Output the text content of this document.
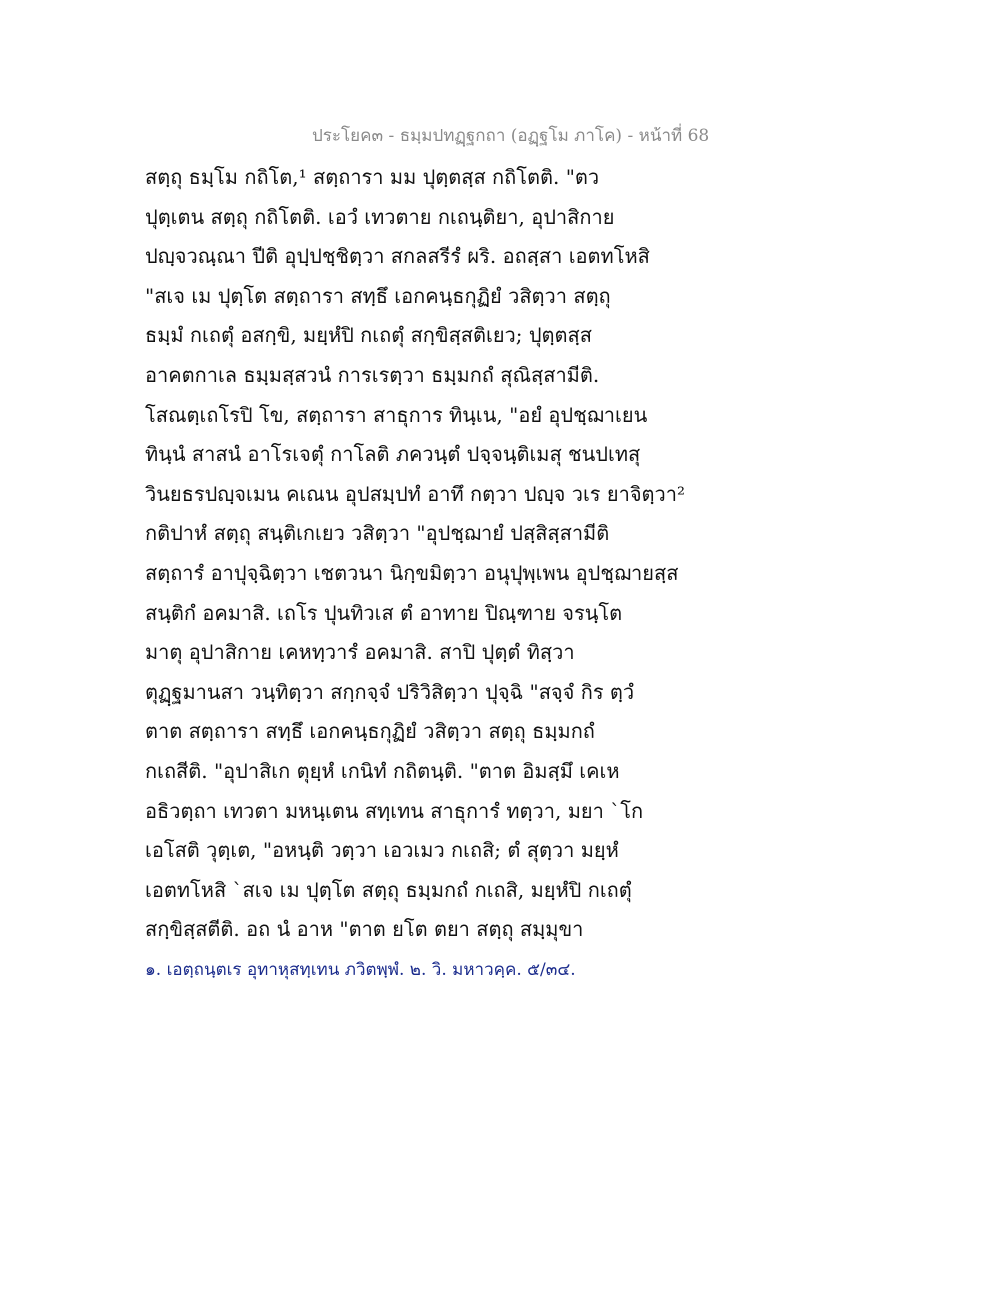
ประโยค๓ - ธมฺมปทฏฺฐกถา (อฏฺฐโม ภาโค) - หน้าที่ 68
สตฺถุ ธมฺโม กถิโต,¹ สตฺถารา มม ปุตฺตสฺส กถิโตติ. "ตว
ปุตฺเตน สตฺถุ กถิโตติ. เอวํ เทวตาย กเถนฺติยา, อุปาสิกาย
ปญฺจวณฺณา ปีติ อุปฺปชฺชิตฺวา สกลสรีรํ ผริ. อถสฺสา เอตทโหสิ
"สเจ เม ปุตฺโต สตฺถารา สทฺธึ เอกคนฺธกุฏิยํ วสิตฺวา สตฺถุ
ธมฺมํ กเถตุํ อสกฺขิ, มยฺหํปิ กเถตุํ สกฺขิสฺสติเยว; ปุตฺตสฺส
อาคตกาเล ธมฺมสฺสวนํ การเรตฺวา ธมฺมกถํ สุณิสฺสามีติ.
โสณตฺเถโรปิ โข, สตฺถารา สาธุการ ทินฺเน, "อยํ อุปชฺฌาเยน
ทินฺนํ สาสนํ อาโรเจตุํ กาโลติ ภควนฺตํ ปจฺจนฺติเมสุ ชนปเทสุ
วินยธรปญฺจเมน คเณน อุปสมฺปทํ อาทึ กตฺวา ปญฺจ วเร ยาจิตฺวา²
กติปาหํ สตฺถุ สนฺติเกเยว วสิตฺวา "อุปชฺฌายํ ปสฺสิสฺสามีติ
สตฺถารํ อาปุจฺฉิตฺวา เชตวนา นิกฺขมิตฺวา อนุปุพฺเพน อุปชฺฌายสฺส
สนฺติกํ อคมาสิ. เถโร ปุนทิวเส ตํ อาทาย ปิณฺฑาย จรนฺโต
มาตุ อุปาสิกาย เคหทฺวารํ อคมาสิ. สาปิ ปุตฺตํ ทิสฺวา
ตุฏฺฐมานสา วนฺทิตฺวา สกฺกจฺจํ ปริวิสิตฺวา ปุจฺฉิ "สจฺจํ กิร ตฺวํ
ตาต สตฺถารา สทฺธึ เอกคนฺธกุฏิยํ วสิตฺวา สตฺถุ ธมฺมกถํ
กเถสีติ. "อุปาสิเก ตุยฺหํ เกนิทํ กถิตนฺติ. "ตาต อิมสฺมึ เคเห
อธิวตฺถา เทวตา มหนฺเตน สทฺเทน สาธุการํ ทตฺวา, มยา `โก
เอโสติ วุตฺเต, "อหนฺติ วตฺวา เอวเมว กเถสิ; ตํ สุตฺวา มยฺหํ
เอตทโหสิ `สเจ เม ปุตฺโต สตฺถุ ธมฺมกถํ กเถสิ, มยฺหํปิ กเถตุํ
สกฺขิสฺสตีติ. อถ นํ อาห "ตาต ยโต ตยา สตฺถุ สมฺมุขา
๑. เอตฺถนฺตเร อุทาหุสทฺเทน ภวิตพฺพํ. ๒. วิ. มหาวคฺค. ๕/๓๔.
